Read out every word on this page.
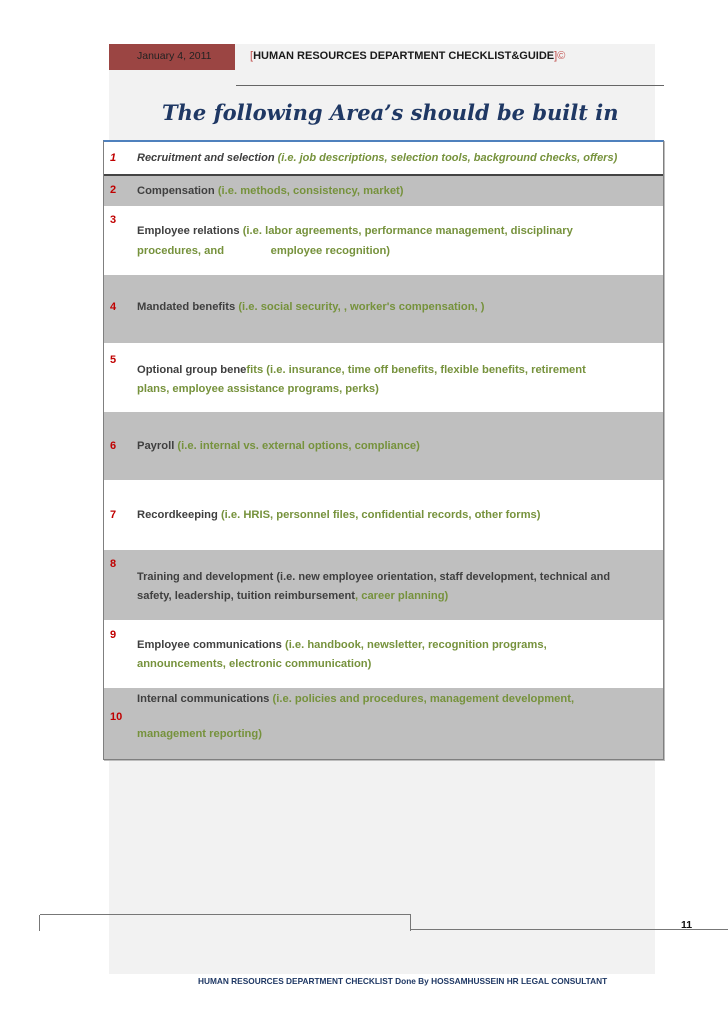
January 4, 2011	[HUMAN RESOURCES DEPARTMENT CHECKLIST&GUIDE]©
The following Area’s should be built in
1 Recruitment and selection (i.e. job descriptions, selection tools, background checks, offers)
2 Compensation (i.e. methods, consistency, market)
3
Employee relations (i.e. labor agreements, performance management, disciplinary
procedures, and               employee recognition)
4 Mandated benefits (i.e. social security, , worker's compensation, )
5
Optional group benefits (i.e. insurance, time off benefits, flexible benefits, retirement
plans, employee assistance programs, perks)
6 Payroll (i.e. internal vs. external options, compliance)
7 Recordkeeping (i.e. HRIS, personnel files, confidential records, other forms)
8
Training and development (i.e. new employee orientation, staff development, technical and
safety, leadership, tuition reimbursement, career planning)
9
Employee communications (i.e. handbook, newsletter, recognition programs,
announcements, electronic communication)
10
Internal communications (i.e. policies and procedures, management development,
management reporting)
11
HUMAN RESOURCES DEPARTMENT CHECKLIST Done By HOSSAMHUSSEIN HR LEGAL CONSULTANT
